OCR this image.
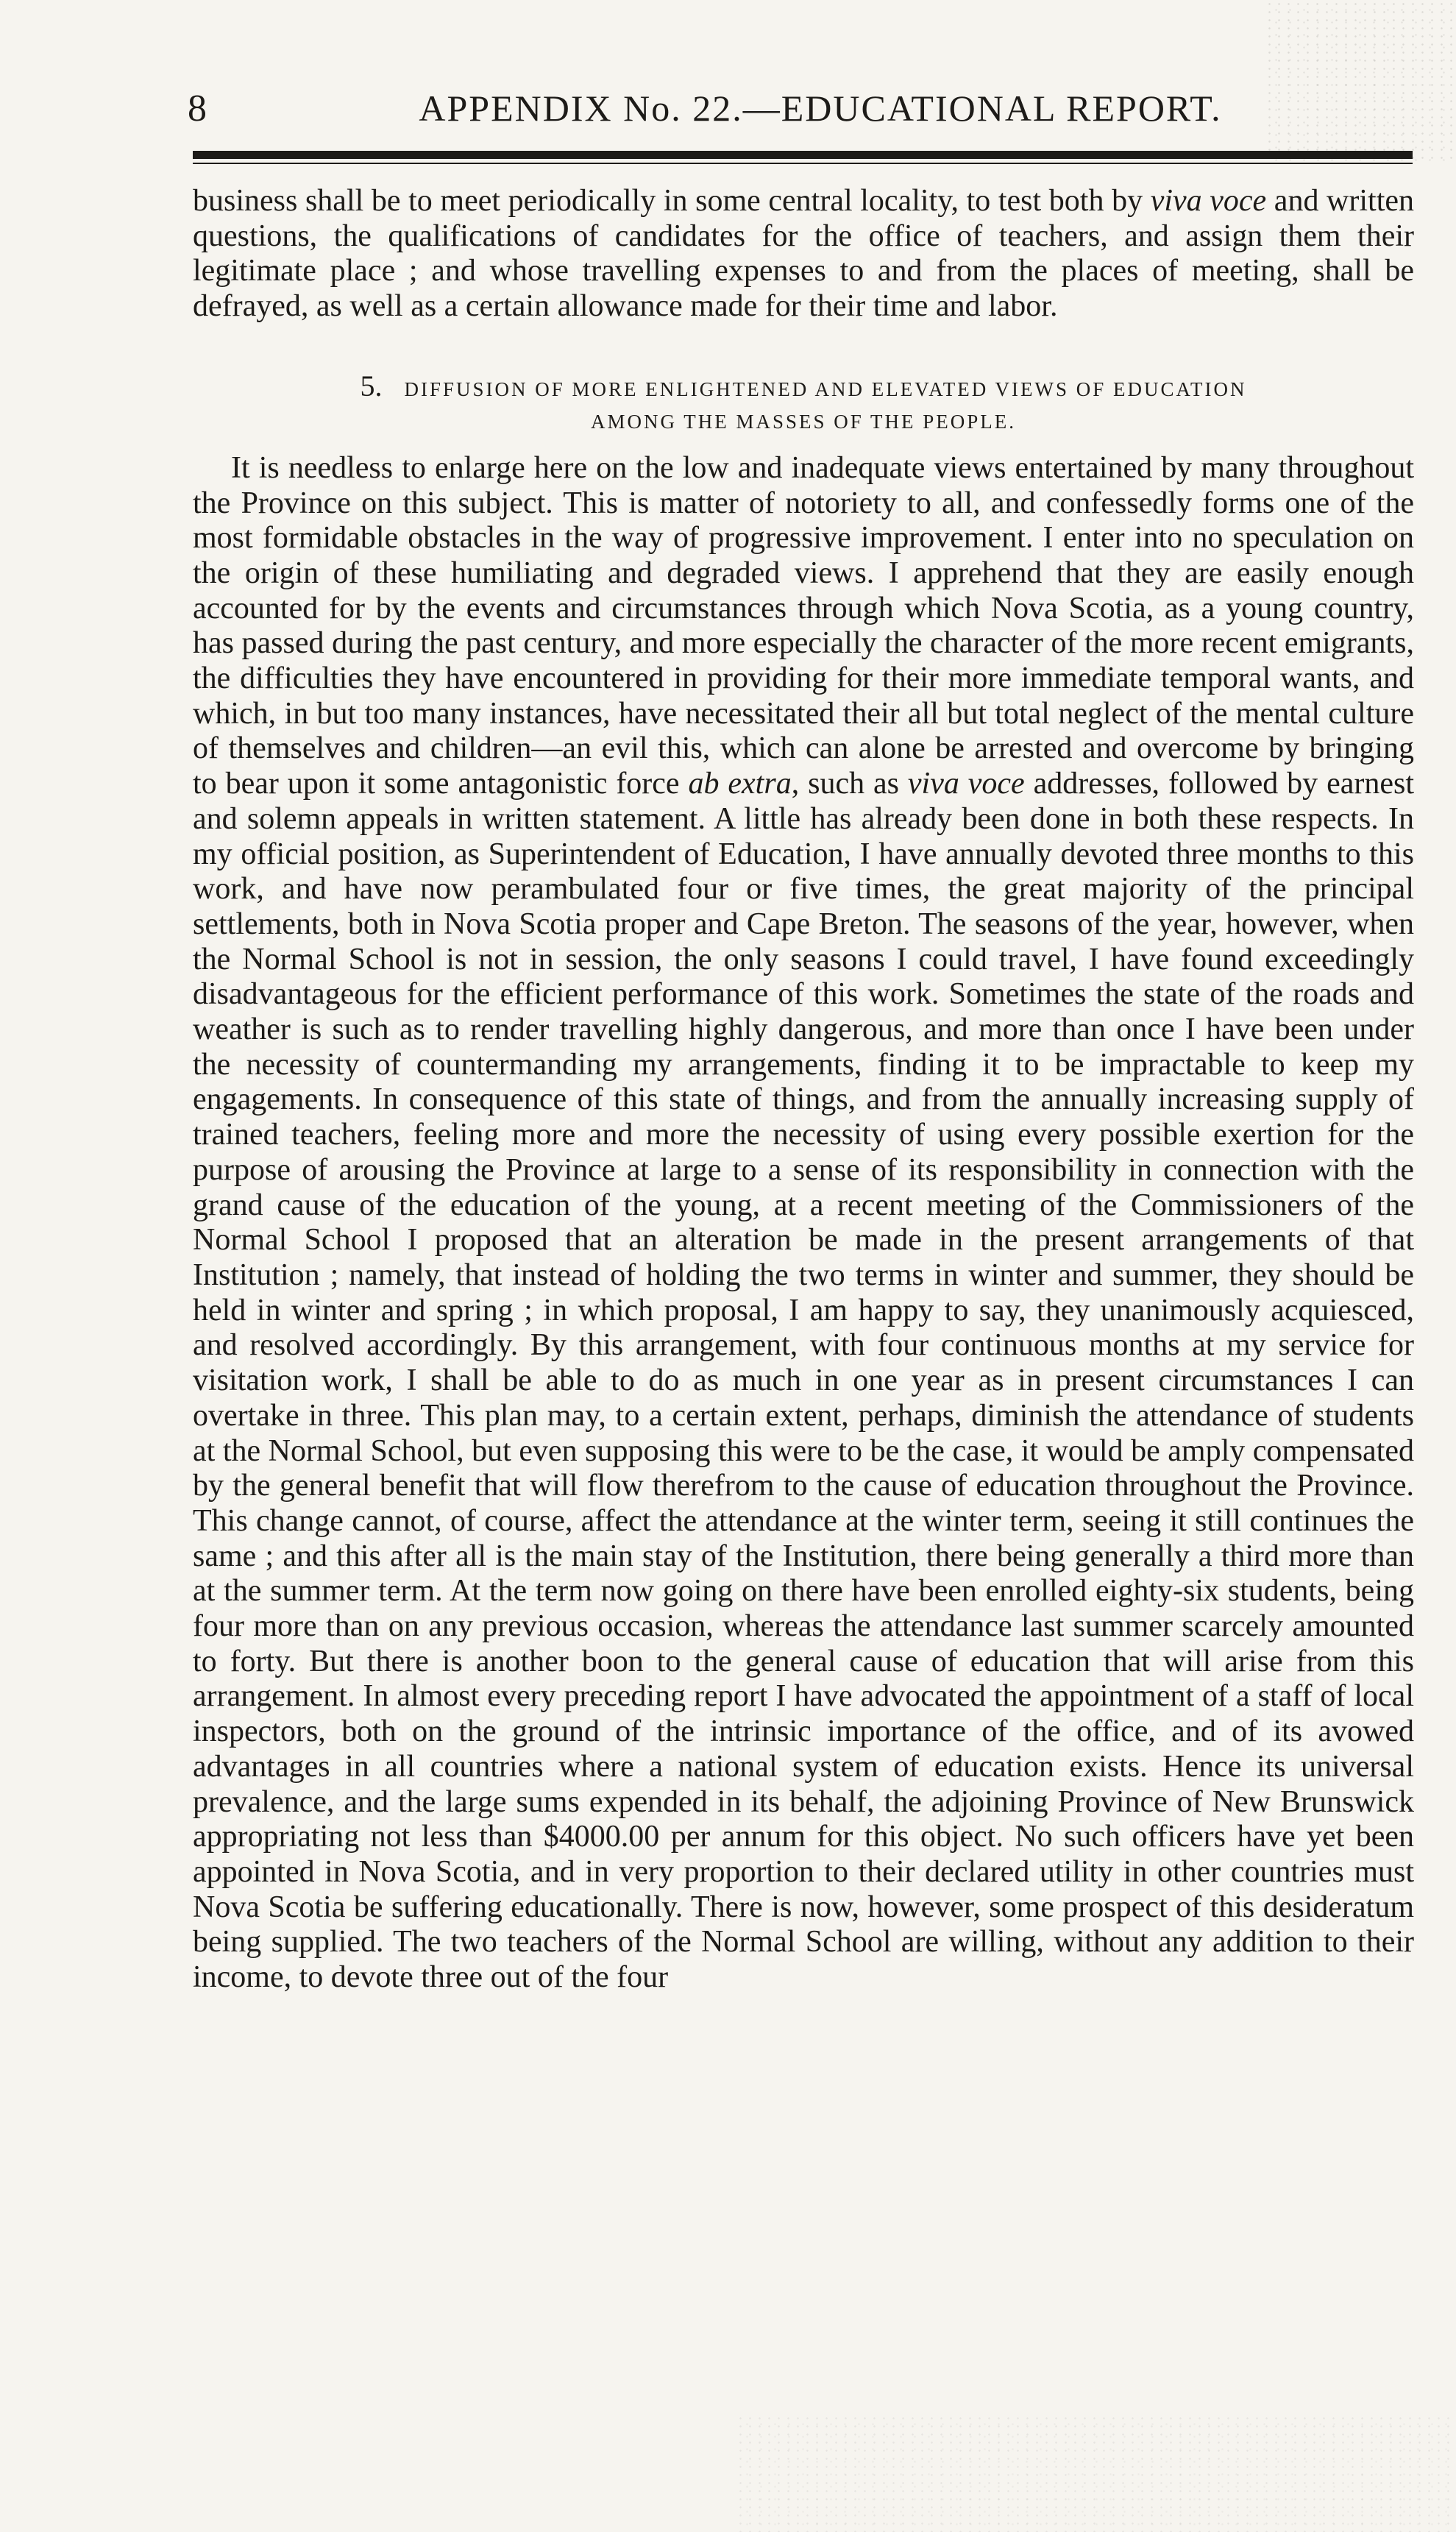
8	APPENDIX No. 22.—EDUCATIONAL REPORT.

business shall be to meet periodically in some central locality, to test both by viva voce and written questions, the qualifications of candidates for the office of teachers, and assign them their legitimate place ; and whose travelling expenses to and from the places of meeting, shall be defrayed, as well as a certain allowance made for their time and labor.

5. DIFFUSION OF MORE ENLIGHTENED AND ELEVATED VIEWS OF EDUCATION
AMONG THE MASSES OF THE PEOPLE.

It is needless to enlarge here on the low and inadequate views entertained by many throughout the Province on this subject. This is matter of notoriety to all, and confessedly forms one of the most formidable obstacles in the way of progressive improvement. I enter into no speculation on the origin of these humiliating and degraded views. I apprehend that they are easily enough accounted for by the events and circumstances through which Nova Scotia, as a young country, has passed during the past century, and more especially the character of the more recent emigrants, the difficulties they have encountered in providing for their more immediate temporal wants, and which, in but too many instances, have necessitated their all but total neglect of the mental culture of themselves and children—an evil this, which can alone be arrested and overcome by bringing to bear upon it some antagonistic force ab extra, such as viva voce addresses, followed by earnest and solemn appeals in written statement. A little has already been done in both these respects. In my official position, as Superintendent of Education, I have annually devoted three months to this work, and have now perambulated four or five times, the great majority of the principal settlements, both in Nova Scotia proper and Cape Breton. The seasons of the year, however, when the Normal School is not in session, the only seasons I could travel, I have found exceedingly disadvantageous for the efficient performance of this work. Sometimes the state of the roads and weather is such as to render travelling highly dangerous, and more than once I have been under the necessity of countermanding my arrangements, finding it to be impractable to keep my engagements. In consequence of this state of things, and from the annually increasing supply of trained teachers, feeling more and more the necessity of using every possible exertion for the purpose of arousing the Province at large to a sense of its responsibility in connection with the grand cause of the education of the young, at a recent meeting of the Commissioners of the Normal School I proposed that an alteration be made in the present arrangements of that Institution ; namely, that instead of holding the two terms in winter and summer, they should be held in winter and spring ; in which proposal, I am happy to say, they unanimously acquiesced, and resolved accordingly. By this arrangement, with four continuous months at my service for visitation work, I shall be able to do as much in one year as in present circumstances I can overtake in three. This plan may, to a certain extent, perhaps, diminish the attendance of students at the Normal School, but even supposing this were to be the case, it would be amply compensated by the general benefit that will flow therefrom to the cause of education throughout the Province. This change cannot, of course, affect the attendance at the winter term, seeing it still continues the same ; and this after all is the main stay of the Institution, there being generally a third more than at the summer term. At the term now going on there have been enrolled eighty-six students, being four more than on any previous occasion, whereas the attendance last summer scarcely amounted to forty. But there is another boon to the general cause of education that will arise from this arrangement. In almost every preceding report I have advocated the appointment of a staff of local inspectors, both on the ground of the intrinsic importance of the office, and of its avowed advantages in all countries where a national system of education exists. Hence its universal prevalence, and the large sums expended in its behalf, the adjoining Province of New Brunswick appropriating not less than $4000.00 per annum for this object. No such officers have yet been appointed in Nova Scotia, and in very proportion to their declared utility in other countries must Nova Scotia be suffering educationally. There is now, however, some prospect of this desideratum being supplied. The two teachers of the Normal School are willing, without any addition to their income, to devote three out of the four
